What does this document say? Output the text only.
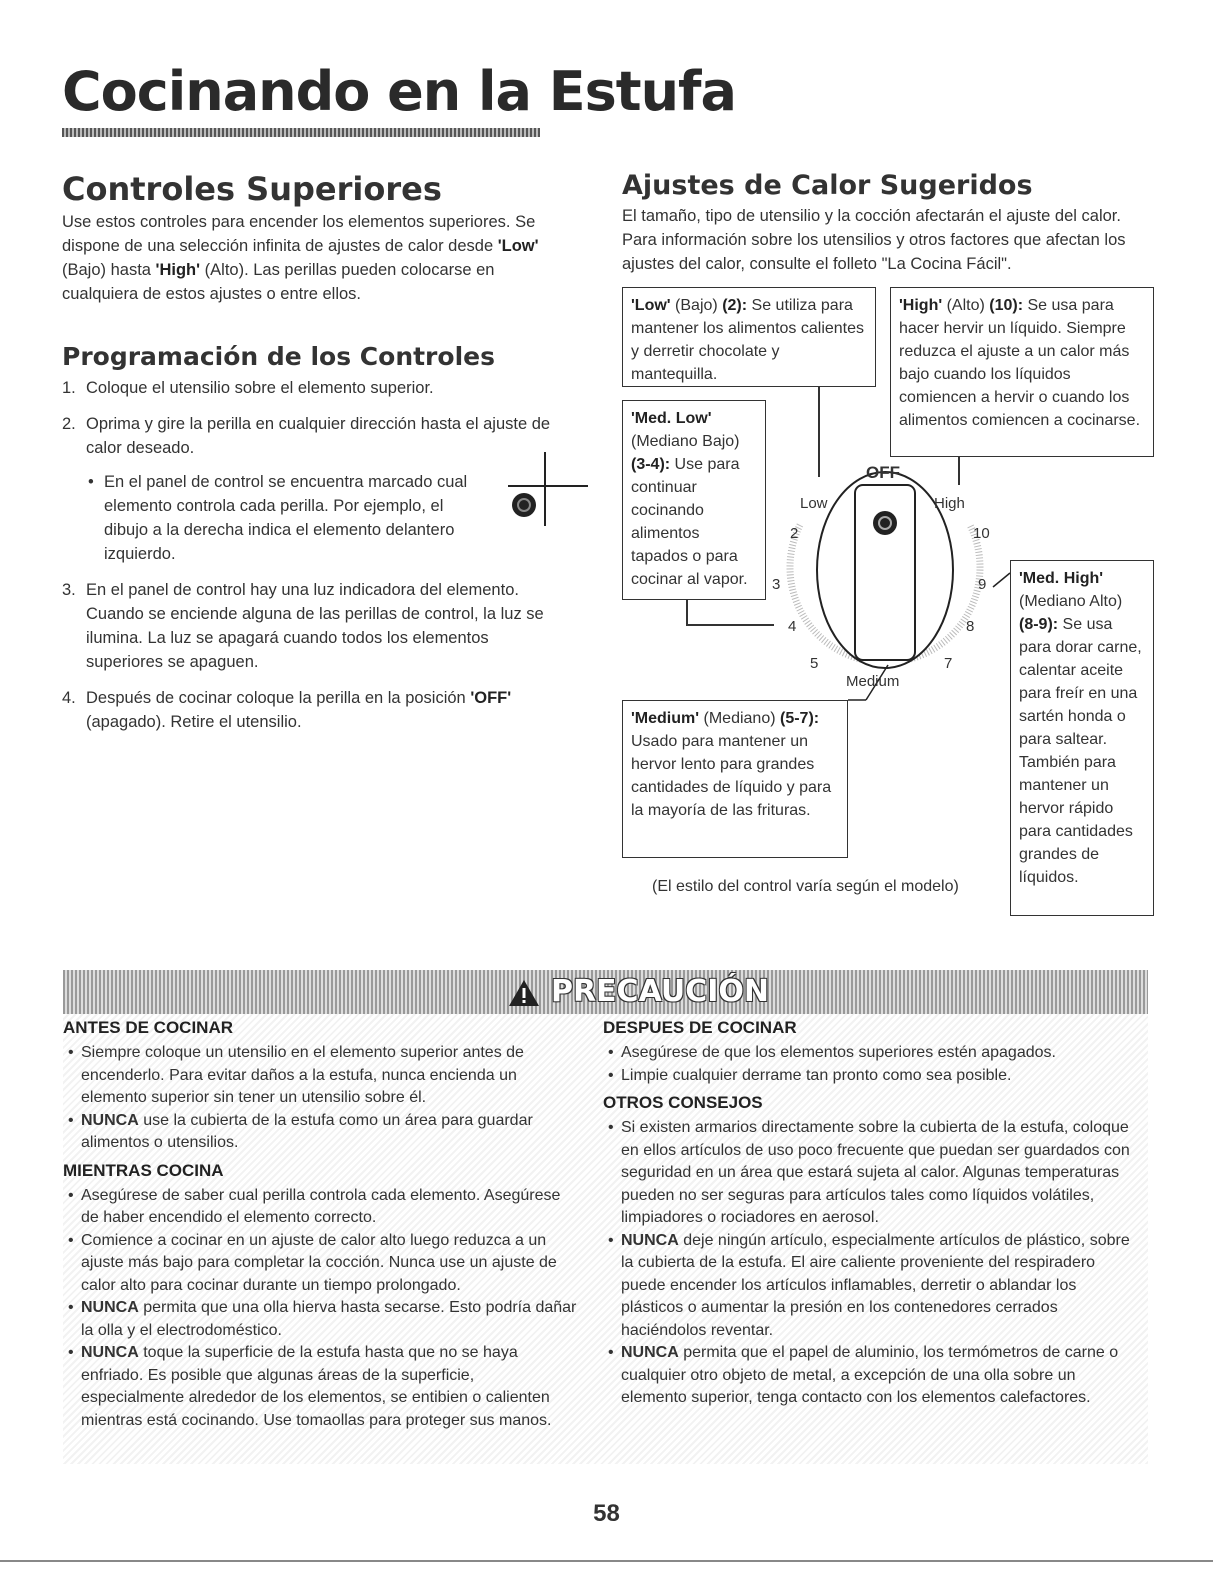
Cocinando en la Estufa
Controles Superiores
Use estos controles para encender los elementos superiores. Se dispone de una selección infinita de ajustes de calor desde 'Low' (Bajo) hasta 'High' (Alto). Las perillas pueden colocarse en cualquiera de estos ajustes o entre ellos.
Programación de los Controles
1. Coloque el utensilio sobre el elemento superior.
2. Oprima y gire la perilla en cualquier dirección hasta el ajuste de calor deseado.
• En el panel de control se encuentra marcado cual elemento controla cada perilla. Por ejemplo, el dibujo a la derecha indica el elemento delantero izquierdo.
3. En el panel de control hay una luz indicadora del elemento. Cuando se enciende alguna de las perillas de control, la luz se ilumina. La luz se apagará cuando todos los elementos superiores se apaguen.
4. Después de cocinar coloque la perilla en la posición 'OFF' (apagado). Retire el utensilio.
Ajustes de Calor Sugeridos
El tamaño, tipo de utensilio y la cocción afectarán el ajuste del calor. Para información sobre los utensilios y otros factores que afectan los ajustes del calor, consulte el folleto "La Cocina Fácil".
'Low' (Bajo) (2): Se utiliza para mantener los alimentos calientes y derretir chocolate y mantequilla.
'High' (Alto) (10): Se usa para hacer hervir un líquido. Siempre reduzca el ajuste a un calor más bajo cuando los líquidos comiencen a hervir o cuando los alimentos comiencen a cocinarse.
'Med. Low'
(Mediano Bajo)
(3-4): Use para continuar cocinando alimentos tapados o para cocinar al vapor.	'Med. High'
(Mediano Alto)
(8-9): Se usa para dorar carne, calentar aceite para freír en una sartén honda o para saltear. También para mantener un hervor rápido para cantidades grandes de líquidos.
'Medium' (Mediano) (5-7): Usado para mantener un hervor lento para grandes cantidades de líquido y para la mayoría de las frituras.
OFF
Low	High
2	10
3	9
4	8
5	7
Medium
(El estilo del control varía según el modelo)
PRECAUCIÓN
ANTES DE COCINAR
• Siempre coloque un utensilio en el elemento superior antes de encenderlo. Para evitar daños a la estufa, nunca encienda un elemento superior sin tener un utensilio sobre él.
• NUNCA use la cubierta de la estufa como un área para guardar alimentos o utensilios.
MIENTRAS COCINA
• Asegúrese de saber cual perilla controla cada elemento. Asegúrese de haber encendido el elemento correcto.
• Comience a cocinar en un ajuste de calor alto luego reduzca a un ajuste más bajo para completar la cocción. Nunca use un ajuste de calor alto para cocinar durante un tiempo prolongado.
• NUNCA permita que una olla hierva hasta secarse. Esto podría dañar la olla y el electrodoméstico.
• NUNCA toque la superficie de la estufa hasta que no se haya enfriado. Es posible que algunas áreas de la superficie, especialmente alrededor de los elementos, se entibien o calienten mientras está cocinando. Use tomaollas para proteger sus manos.
DESPUES DE COCINAR
• Asegúrese de que los elementos superiores estén apagados.
• Limpie cualquier derrame tan pronto como sea posible.
OTROS CONSEJOS
• Si existen armarios directamente sobre la cubierta de la estufa, coloque en ellos artículos de uso poco frecuente que puedan ser guardados con seguridad en un área que estará sujeta al calor. Algunas temperaturas pueden no ser seguras para artículos tales como líquidos volátiles, limpiadores o rociadores en aerosol.
• NUNCA deje ningún artículo, especialmente artículos de plástico, sobre la cubierta de la estufa. El aire caliente proveniente del respiradero puede encender los artículos inflamables, derretir o ablandar los plásticos o aumentar la presión en los contenedores cerrados haciéndolos reventar.
• NUNCA permita que el papel de aluminio, los termómetros de carne o cualquier otro objeto de metal, a excepción de una olla sobre un elemento superior, tenga contacto con los elementos calefactores.
58
